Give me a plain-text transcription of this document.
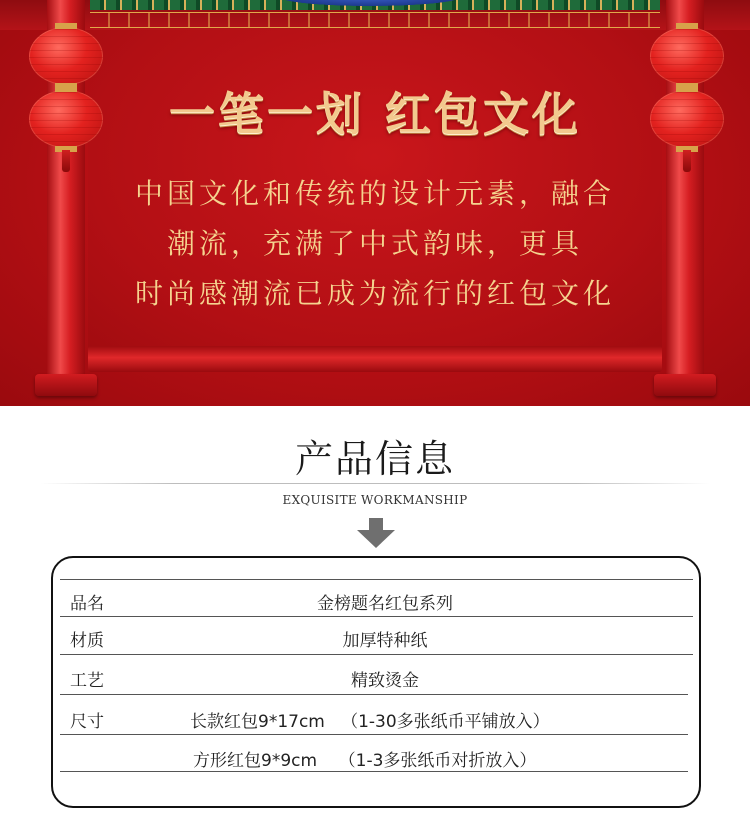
一笔一划 红包文化
中国文化和传统的设计元素，融合
潮流，充满了中式韵味，更具
时尚感潮流已成为流行的红包文化
产品信息
EXQUISITE WORKMANSHIP
品名	金榜题名红包系列
材质	加厚特种纸
工艺	精致烫金
尺寸	长款红包9*17cm   （1-30多张纸币平铺放入）
方形红包9*9cm    （1-3多张纸币对折放入）
